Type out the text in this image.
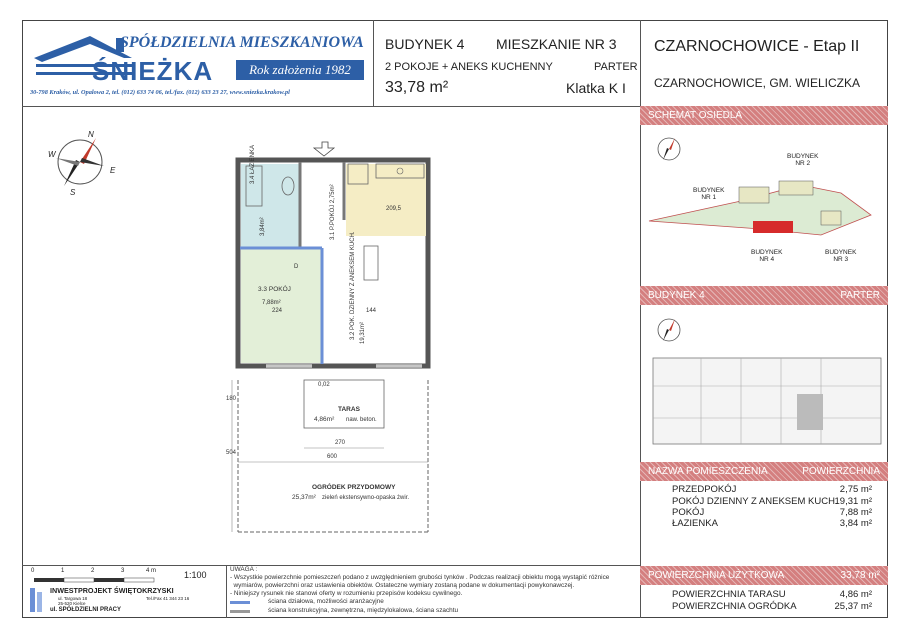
SPÓŁDZIELNIA MIESZKANIOWA
ŚNIEŻKA	Rok założenia 1982
30-798 Kraków, ul. Opalowa 2, tel. (012) 633 74 06, tel./fax. (012) 633 23 27, www.sniezka.krakow.pl
BUDYNEK 4 MIESZKANIE NR 3
2 POKOJE + ANEKS KUCHENNY	PARTER
33,78 m²	Klatka K I
CZARNOCHOWICE - Etap II
CZARNOCHOWICE, GM. WIELICZKA
N
E
S
W
3.4 ŁAZIENKA
3,84m²	3.1 P.POKÓJ 2,75m²
3.2 POK. DZIENNY Z ANEKSEM KUCH.
19,31m²
3.3 POKÓJ
7,88m²
D
224	144
209,5
0,02
TARAS
4,86m² naw. beton.
270
600
180
504
OGRÓDEK PRZYDOMOWY
25,37m² zieleń ekstensywno-opaska żwir.
SCHEMAT OSIEDLA
BUDYNEK
NR 2
BUDYNEK
NR 1
BUDYNEK
NR 4
BUDYNEK
NR 3
BUDYNEK 4	PARTER
NAZWA POMIESZCZENIA	POWIERZCHNIA
PRZEDPOKÓJ	2,75 m²
POKÓJ DZIENNY Z ANEKSEM KUCH.
19,31 m²
POKÓJ	7,88 m²
ŁAZIENKA	3,84 m²
POWIERZCHNIA UŻYTKOWA	33,78 m²
POWIERZCHNIA TARASU	4,86 m²
POWIERZCHNIA OGRÓDKA	25,37 m²
0	1	2	3	4 m	1:100
INWESTPROJEKT ŚWIĘTOKRZYSKI
ul. Targowa 18
25-520 Kielce
Tel./Fax 41 344 23 16
ul. SPÓŁDZIELNI PRACY
UWAGA :
- Wszystkie powierzchnie pomieszczeń podano z uwzględnieniem grubości tynków . Podczas realizacji obiektu mogą wystąpić różnice
wymiarów, powierzchni oraz ustawienia obiektów. Ostateczne wymiary zostaną podane w dokumentacji powykonawczej.
- Niniejszy rysunek nie stanowi oferty w rozumieniu przepisów kodeksu cywilnego.
ściana działowa, możliwości aranżacyjne
ściana konstrukcyjna, zewnętrzna, międzylokalowa, ściana szachtu
